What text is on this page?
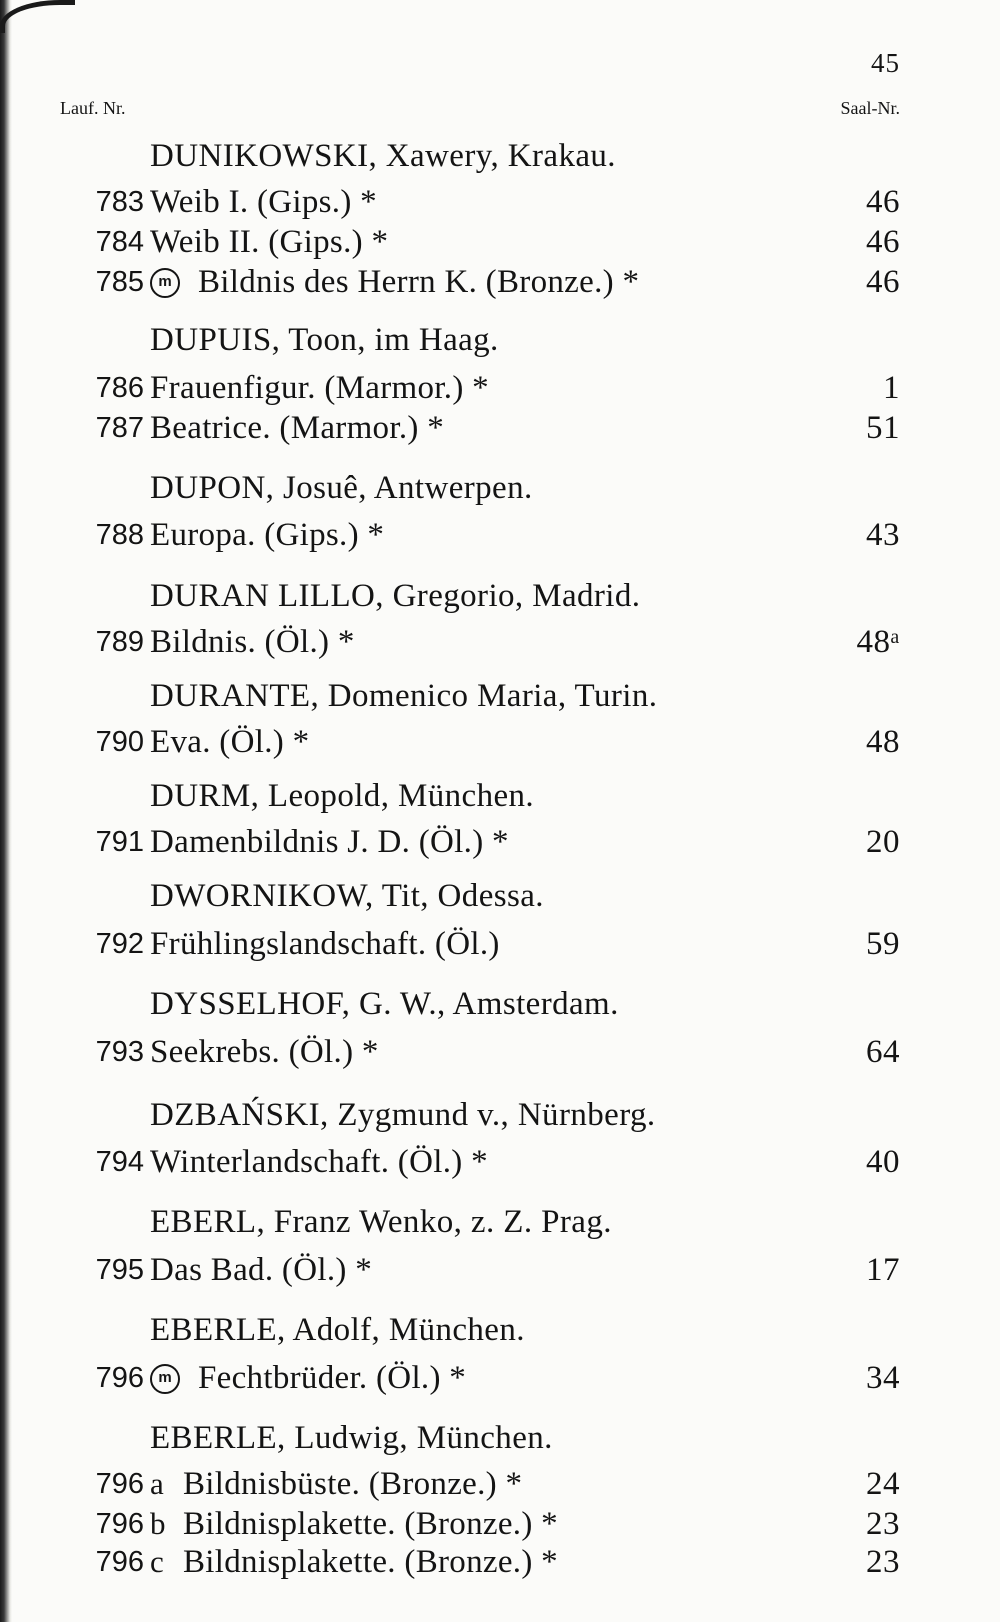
45
Lauf. Nr.	Saal-Nr.
DUNIKOWSKI, Xawery, Krakau.
783 Weib I. (Gips.) *	46
784 Weib II. (Gips.) *	46
785 m Bildnis des Herrn K. (Bronze.) *	46
DUPUIS, Toon, im Haag.
786 Frauenfigur. (Marmor.) *	1
787 Beatrice. (Marmor.) *	51
DUPON, Josuê, Antwerpen.
788 Europa. (Gips.) *	43
DURAN LILLO, Gregorio, Madrid.
789 Bildnis. (Öl.) *	48ᵃ
DURANTE, Domenico Maria, Turin.
790 Eva. (Öl.) *	48
DURM, Leopold, München.
791 Damenbildnis J. D. (Öl.) *	20
DWORNIKOW, Tit, Odessa.
792 Frühlingslandschaft. (Öl.)	59
DYSSELHOF, G. W., Amsterdam.
793 Seekrebs. (Öl.) *	64
DZBAŃSKI, Zygmund v., Nürnberg.
794 Winterlandschaft. (Öl.) *	40
EBERL, Franz Wenko, z. Z. Prag.
795 Das Bad. (Öl.) *	17
EBERLE, Adolf, München.
796 m Fechtbrüder. (Öl.) *	34
EBERLE, Ludwig, München.
796 a Bildnisbüste. (Bronze.) *	24
796 b Bildnisplakette. (Bronze.) *	23
796 c Bildnisplakette. (Bronze.) *	23
